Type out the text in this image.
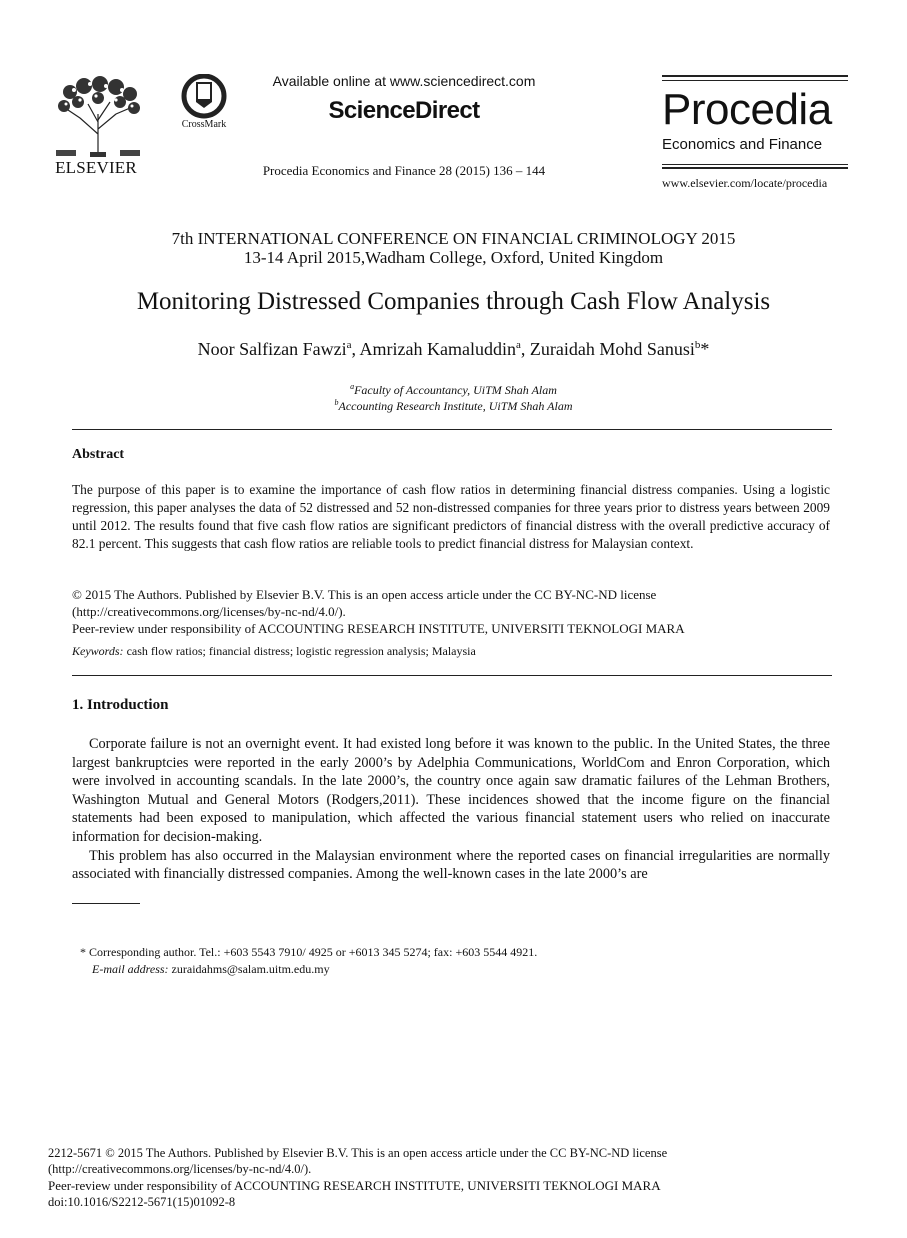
ELSEVIER
CrossMark
Available online at www.sciencedirect.com
ScienceDirect
Procedia Economics and Finance 28 (2015) 136 – 144
Procedia
Economics and Finance
www.elsevier.com/locate/procedia
7th INTERNATIONAL CONFERENCE ON FINANCIAL CRIMINOLOGY 2015
13-14 April 2015,Wadham College, Oxford, United Kingdom
Monitoring Distressed Companies through Cash Flow Analysis
Noor Salfizan Fawzi$^a$, Amrizah Kamaluddin$^a$, Zuraidah Mohd Sanusi$^b$*
$^a$Faculty of Accountancy, UiTM Shah Alam
$^b$Accounting Research Institute, UiTM Shah Alam
Abstract
The purpose of this paper is to examine the importance of cash flow ratios in determining financial distress companies. Using a logistic regression, this paper analyses the data of 52 distressed and 52 non-distressed companies for three years prior to distress years between 2009 until 2012. The results found that five cash flow ratios are significant predictors of financial distress with the overall predictive accuracy of 82.1 percent. This suggests that cash flow ratios are reliable tools to predict financial distress for Malaysian context.
© 2015 The Authors. Published by Elsevier B.V. This is an open access article under the CC BY-NC-ND license
(http://creativecommons.org/licenses/by-nc-nd/4.0/).
Peer-review under responsibility of ACCOUNTING RESEARCH INSTITUTE, UNIVERSITI TEKNOLOGI MARA
Keywords: cash flow ratios; financial distress; logistic regression analysis; Malaysia
1. Introduction

Corporate failure is not an overnight event. It had existed long before it was known to the public. In the United States, the three largest bankruptcies were reported in the early 2000’s by Adelphia Communications, WorldCom and Enron Corporation, which were involved in accounting scandals. In the late 2000’s, the country once again saw dramatic failures of the Lehman Brothers, Washington Mutual and General Motors (Rodgers,2011). These incidences showed that the income figure on the financial statements had been exposed to manipulation, which affected the various financial statement users who relied on inaccurate information for decision-making.

This problem has also occurred in the Malaysian environment where the reported cases on financial irregularities are normally associated with financially distressed companies. Among the well-known cases in the late 2000’s are

* Corresponding author. Tel.: +603 5543 7910/ 4925 or +6013 345 5274; fax: +603 5544 4921.
E-mail address: zuraidahms@salam.uitm.edu.my
2212-5671 © 2015 The Authors. Published by Elsevier B.V. This is an open access article under the CC BY-NC-ND license
(http://creativecommons.org/licenses/by-nc-nd/4.0/).
Peer-review under responsibility of ACCOUNTING RESEARCH INSTITUTE, UNIVERSITI TEKNOLOGI MARA
doi:10.1016/S2212-5671(15)01092-8
